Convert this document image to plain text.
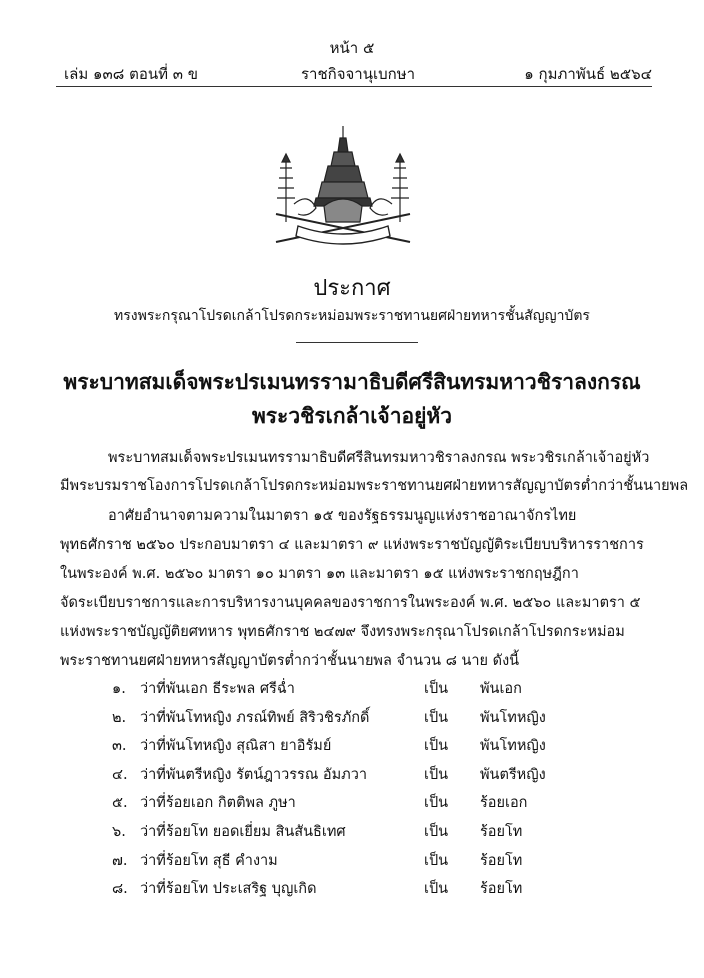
หน้า ๕
เล่ม ๑๓๘ ตอนที่ ๓ ข	ราชกิจจานุเบกษา	๑ กุมภาพันธ์ ๒๕๖๔
ประกาศ
ทรงพระกรุณาโปรดเกล้าโปรดกระหม่อมพระราชทานยศฝ่ายทหารชั้นสัญญาบัตร
พระบาทสมเด็จพระปรเมนทรรามาธิบดีศรีสินทรมหาวชิราลงกรณ
พระวชิรเกล้าเจ้าอยู่หัว
พระบาทสมเด็จพระปรเมนทรรามาธิบดีศรีสินทรมหาวชิราลงกรณ พระวชิรเกล้าเจ้าอยู่หัว
มีพระบรมราชโองการโปรดเกล้าโปรดกระหม่อมพระราชทานยศฝ่ายทหารสัญญาบัตรต่ำกว่าชั้นนายพล
อาศัยอำนาจตามความในมาตรา ๑๕ ของรัฐธรรมนูญแห่งราชอาณาจักรไทย
พุทธศักราช ๒๕๖๐ ประกอบมาตรา ๔ และมาตรา ๙ แห่งพระราชบัญญัติระเบียบบริหารราชการ
ในพระองค์ พ.ศ. ๒๕๖๐ มาตรา ๑๐ มาตรา ๑๓ และมาตรา ๑๕ แห่งพระราชกฤษฎีกา
จัดระเบียบราชการและการบริหารงานบุคคลของราชการในพระองค์ พ.ศ. ๒๕๖๐ และมาตรา ๕
แห่งพระราชบัญญัติยศทหาร พุทธศักราช ๒๔๗๙ จึงทรงพระกรุณาโปรดเกล้าโปรดกระหม่อม
พระราชทานยศฝ่ายทหารสัญญาบัตรต่ำกว่าชั้นนายพล จำนวน ๘ นาย ดังนี้
๑. ว่าที่พันเอก ธีระพล ศรีฉ่ำ	เป็น พันเอก
๒. ว่าที่พันโทหญิง ภรณ์ทิพย์ สิริวชิรภักดิ์	เป็น พันโทหญิง
๓. ว่าที่พันโทหญิง สุณิสา ยาอิรัมย์	เป็น พันโทหญิง
๔. ว่าที่พันตรีหญิง รัตน์ฎาวรรณ อัมภวา	เป็น พันตรีหญิง
๕. ว่าที่ร้อยเอก กิตติพล ภูษา	เป็น ร้อยเอก
๖. ว่าที่ร้อยโท ยอดเยี่ยม สินสันธิเทศ	เป็น ร้อยโท
๗. ว่าที่ร้อยโท สุธี คำงาม	เป็น ร้อยโท
๘. ว่าที่ร้อยโท ประเสริฐ บุญเกิด	เป็น ร้อยโท
